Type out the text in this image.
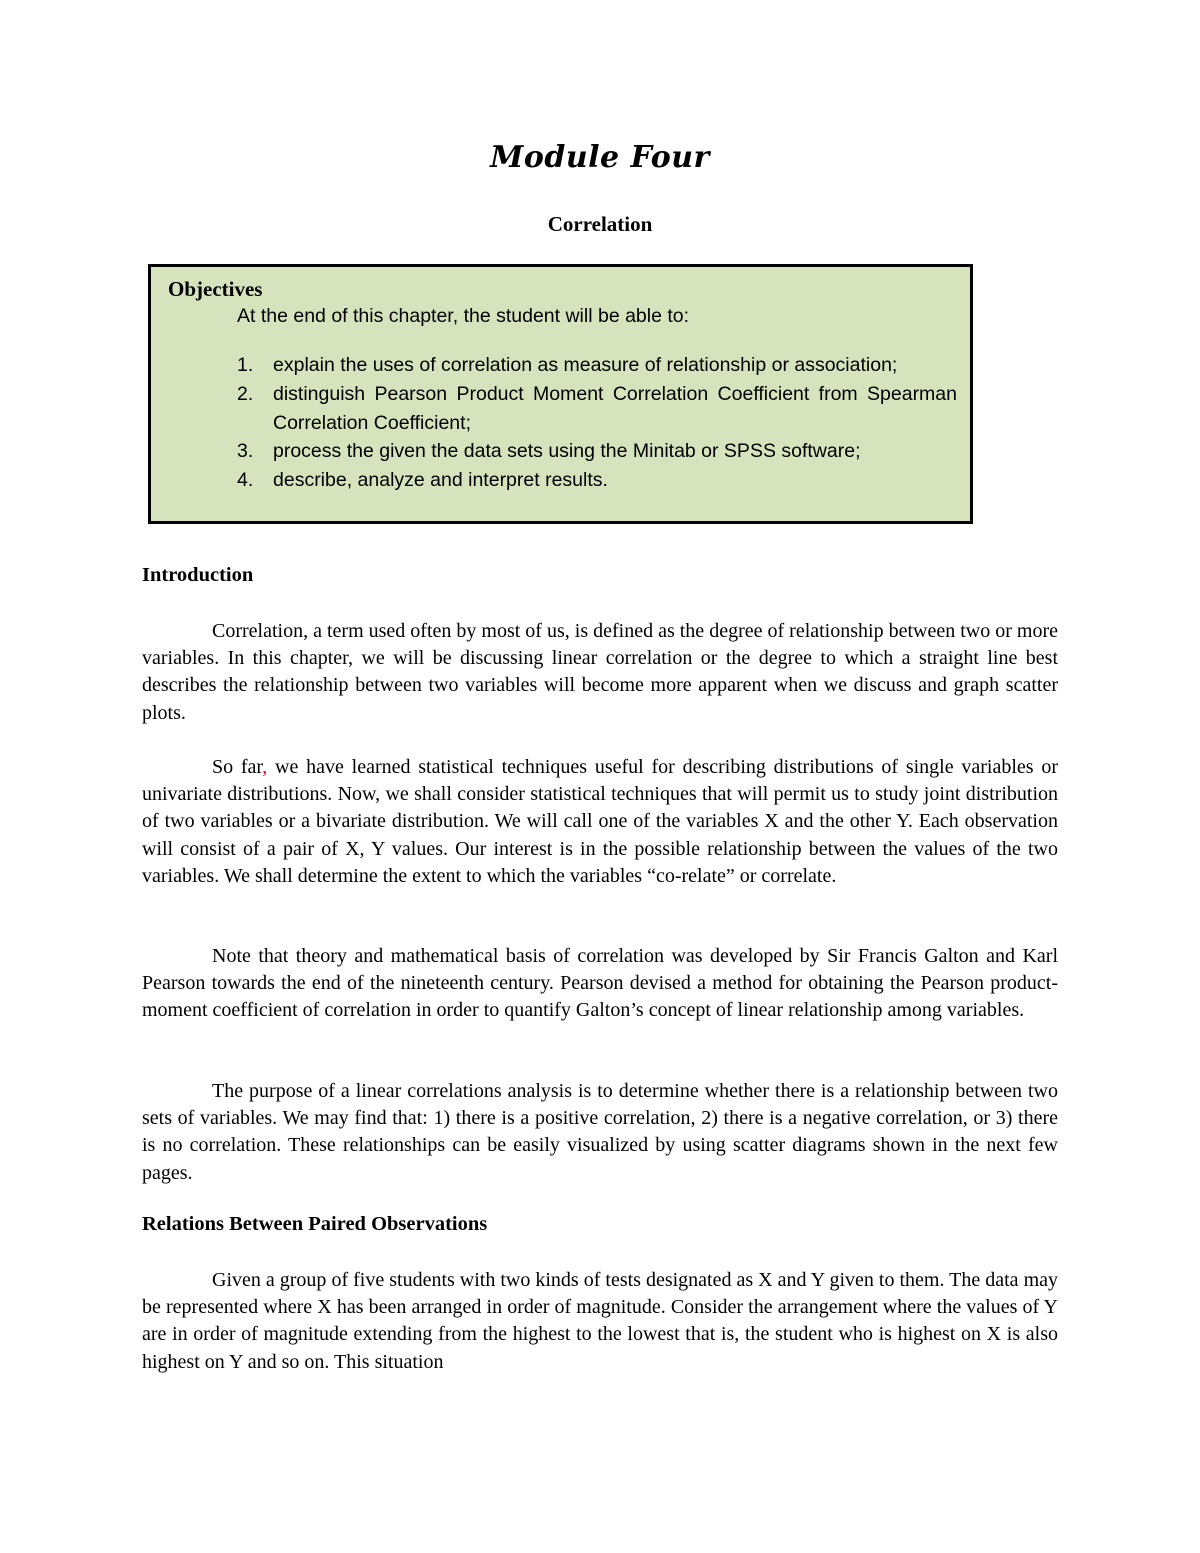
Module Four
Correlation
Objectives
At the end of this chapter, the student will be able to:
1. explain the uses of correlation as measure of relationship or association;
2. distinguish Pearson Product Moment Correlation Coefficient from Spearman Correlation Coefficient;
3. process the given the data sets using the Minitab or SPSS software;
4. describe, analyze and interpret results.
Introduction

Correlation, a term used often by most of us, is defined as the degree of relationship between two or more variables. In this chapter, we will be discussing linear correlation or the degree to which a straight line best describes the relationship between two variables will become more apparent when we discuss and graph scatter plots.

So far, we have learned statistical techniques useful for describing distributions of single variables or univariate distributions. Now, we shall consider statistical techniques that will permit us to study joint distribution of two variables or a bivariate distribution. We will call one of the variables X and the other Y. Each observation will consist of a pair of X, Y values. Our interest is in the possible relationship between the values of the two variables. We shall determine the extent to which the variables “co-relate” or correlate.

Note that theory and mathematical basis of correlation was developed by Sir Francis Galton and Karl Pearson towards the end of the nineteenth century. Pearson devised a method for obtaining the Pearson product-moment coefficient of correlation in order to quantify Galton’s concept of linear relationship among variables.

The purpose of a linear correlations analysis is to determine whether there is a relationship between two sets of variables. We may find that: 1) there is a positive correlation, 2) there is a negative correlation, or 3) there is no correlation. These relationships can be easily visualized by using scatter diagrams shown in the next few pages.

Relations Between Paired Observations

Given a group of five students with two kinds of tests designated as X and Y given to them. The data may be represented where X has been arranged in order of magnitude. Consider the arrangement where the values of Y are in order of magnitude extending from the highest to the lowest that is, the student who is highest on X is also highest on Y and so on. This situation
